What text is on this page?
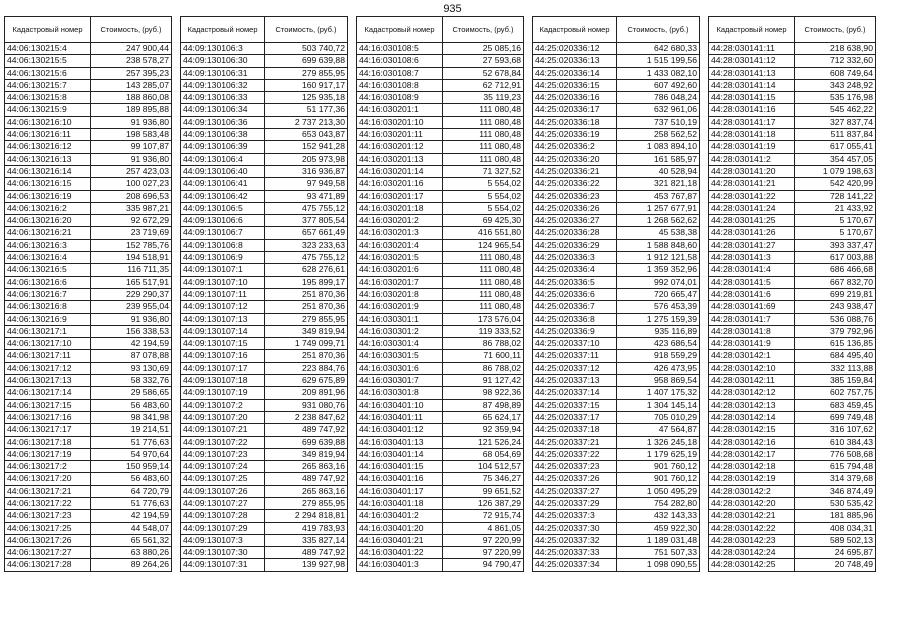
935
Кадастровый номер	Стоимость, (руб.)
44:06:130215:4	247 900,44
44:06:130215:5	238 578,27
44:06:130215:6	257 395,23
44:06:130215:7	143 285,07
44:06:130215:8	188 860,08
44:06:130215:9	189 895,88
44:06:130216:10	91 936,80
44:06:130216:11	198 583,48
44:06:130216:12	99 107,87
44:06:130216:13	91 936,80
44:06:130216:14	257 423,03
44:06:130216:15	100 027,23
44:06:130216:19	208 696,53
44:06:130216:2	335 987,21
44:06:130216:20	92 672,29
44:06:130216:21	23 719,69
44:06:130216:3	152 785,76
44:06:130216:4	194 518,91
44:06:130216:5	116 711,35
44:06:130216:6	165 517,91
44:06:130216:7	229 290,37
44:06:130216:8	239 955,04
44:06:130216:9	91 936,80
44:06:130217:1	156 338,53
44:06:130217:10	42 194,59
44:06:130217:11	87 078,88
44:06:130217:12	93 130,69
44:06:130217:13	58 332,76
44:06:130217:14	29 586,65
44:06:130217:15	56 483,60
44:06:130217:16	98 341,98
44:06:130217:17	19 214,51
44:06:130217:18	51 776,63
44:06:130217:19	54 970,64
44:06:130217:2	150 959,14
44:06:130217:20	56 483,60
44:06:130217:21	64 720,79
44:06:130217:22	51 776,63
44:06:130217:23	42 194,59
44:06:130217:25	44 548,07
44:06:130217:26	65 561,32
44:06:130217:27	63 880,26
44:06:130217:28	89 264,26
Кадастровый номер	Стоимость, (руб.)
44:09:130106:3	503 740,72
44:09:130106:30	699 639,88
44:09:130106:31	279 855,95
44:09:130106:32	160 917,17
44:09:130106:33	125 935,18
44:09:130106:34	51 177,36
44:09:130106:36	2 737 213,30
44:09:130106:38	653 043,87
44:09:130106:39	152 941,28
44:09:130106:4	205 973,98
44:09:130106:40	316 936,87
44:09:130106:41	97 949,58
44:09:130106:42	93 471,89
44:09:130106:5	475 755,12
44:09:130106:6	377 805,54
44:09:130106:7	657 661,49
44:09:130106:8	323 233,63
44:09:130106:9	475 755,12
44:09:130107:1	628 276,61
44:09:130107:10	195 899,17
44:09:130107:11	251 870,36
44:09:130107:12	251 870,36
44:09:130107:13	279 855,95
44:09:130107:14	349 819,94
44:09:130107:15	1 749 099,71
44:09:130107:16	251 870,36
44:09:130107:17	223 884,76
44:09:130107:18	629 675,89
44:09:130107:19	209 891,96
44:09:130107:2	931 080,76
44:09:130107:20	2 238 847,62
44:09:130107:21	489 747,92
44:09:130107:22	699 639,88
44:09:130107:23	349 819,94
44:09:130107:24	265 863,16
44:09:130107:25	489 747,92
44:09:130107:26	265 863,16
44:09:130107:27	279 855,95
44:09:130107:28	2 294 818,81
44:09:130107:29	419 783,93
44:09:130107:3	335 827,14
44:09:130107:30	489 747,92
44:09:130107:31	139 927,98
Кадастровый номер	Стоимость, (руб.)
44:16:030108:5	25 085,16
44:16:030108:6	27 593,68
44:16:030108:7	52 678,84
44:16:030108:8	62 712,91
44:16:030108:9	35 119,23
44:16:030201:1	111 080,48
44:16:030201:10	111 080,48
44:16:030201:11	111 080,48
44:16:030201:12	111 080,48
44:16:030201:13	111 080,48
44:16:030201:14	71 327,52
44:16:030201:16	5 554,02
44:16:030201:17	5 554,02
44:16:030201:18	5 554,02
44:16:030201:2	69 425,30
44:16:030201:3	416 551,80
44:16:030201:4	124 965,54
44:16:030201:5	111 080,48
44:16:030201:6	111 080,48
44:16:030201:7	111 080,48
44:16:030201:8	111 080,48
44:16:030201:9	111 080,48
44:16:030301:1	173 576,04
44:16:030301:2	119 333,52
44:16:030301:4	86 788,02
44:16:030301:5	71 600,11
44:16:030301:6	86 788,02
44:16:030301:7	91 127,42
44:16:030301:8	98 922,36
44:16:030401:10	87 498,89
44:16:030401:11	65 624,17
44:16:030401:12	92 359,94
44:16:030401:13	121 526,24
44:16:030401:14	68 054,69
44:16:030401:15	104 512,57
44:16:030401:16	75 346,27
44:16:030401:17	99 651,52
44:16:030401:18	126 387,29
44:16:030401:2	72 915,74
44:16:030401:20	4 861,05
44:16:030401:21	97 220,99
44:16:030401:22	97 220,99
44:16:030401:3	94 790,47
Кадастровый номер	Стоимость, (руб.)
44:25:020336:12	642 680,33
44:25:020336:13	1 515 199,56
44:25:020336:14	1 433 082,10
44:25:020336:15	607 492,60
44:25:020336:16	786 048,24
44:25:020336:17	632 961,06
44:25:020336:18	737 510,19
44:25:020336:19	258 562,52
44:25:020336:2	1 083 894,10
44:25:020336:20	161 585,97
44:25:020336:21	40 528,94
44:25:020336:22	321 821,18
44:25:020336:23	453 767,87
44:25:020336:26	1 257 677,91
44:25:020336:27	1 268 562,62
44:25:020336:28	45 538,38
44:25:020336:29	1 588 848,60
44:25:020336:3	1 912 121,58
44:25:020336:4	1 359 352,96
44:25:020336:5	992 074,01
44:25:020336:6	720 665,47
44:25:020336:7	576 453,39
44:25:020336:8	1 275 159,39
44:25:020336:9	935 116,89
44:25:020337:10	423 686,54
44:25:020337:11	918 559,29
44:25:020337:12	426 473,95
44:25:020337:13	958 869,54
44:25:020337:14	1 407 175,32
44:25:020337:15	1 304 145,14
44:25:020337:17	705 010,29
44:25:020337:18	47 564,87
44:25:020337:21	1 326 245,18
44:25:020337:22	1 179 625,19
44:25:020337:23	901 760,12
44:25:020337:26	901 760,12
44:25:020337:27	1 050 495,29
44:25:020337:29	754 282,80
44:25:020337:3	432 143,33
44:25:020337:30	459 922,30
44:25:020337:32	1 189 031,48
44:25:020337:33	751 507,33
44:25:020337:34	1 098 090,55
Кадастровый номер	Стоимость, (руб.)
44:28:030141:11	218 638,90
44:28:030141:12	712 332,60
44:28:030141:13	608 749,64
44:28:030141:14	343 248,92
44:28:030141:15	535 176,98
44:28:030141:16	545 462,22
44:28:030141:17	327 837,74
44:28:030141:18	511 837,84
44:28:030141:19	617 055,41
44:28:030141:2	354 457,05
44:28:030141:20	1 079 198,63
44:28:030141:21	542 420,99
44:28:030141:22	728 141,22
44:28:030141:24	21 433,92
44:28:030141:25	5 170,67
44:28:030141:26	5 170,67
44:28:030141:27	393 337,47
44:28:030141:3	617 003,88
44:28:030141:4	686 466,68
44:28:030141:5	667 832,70
44:28:030141:6	699 219,81
44:28:030141:69	243 938,47
44:28:030141:7	536 088,76
44:28:030141:8	379 792,96
44:28:030141:9	615 136,85
44:28:030142:1	684 495,40
44:28:030142:10	332 113,88
44:28:030142:11	385 159,84
44:28:030142:12	602 757,75
44:28:030142:13	683 459,45
44:28:030142:14	699 749,48
44:28:030142:15	316 107,62
44:28:030142:16	610 384,43
44:28:030142:17	776 508,68
44:28:030142:18	615 794,48
44:28:030142:19	314 379,68
44:28:030142:2	346 874,49
44:28:030142:20	530 535,42
44:28:030142:21	181 885,96
44:28:030142:22	408 034,31
44:28:030142:23	589 502,13
44:28:030142:24	24 695,87
44:28:030142:25	20 748,49
